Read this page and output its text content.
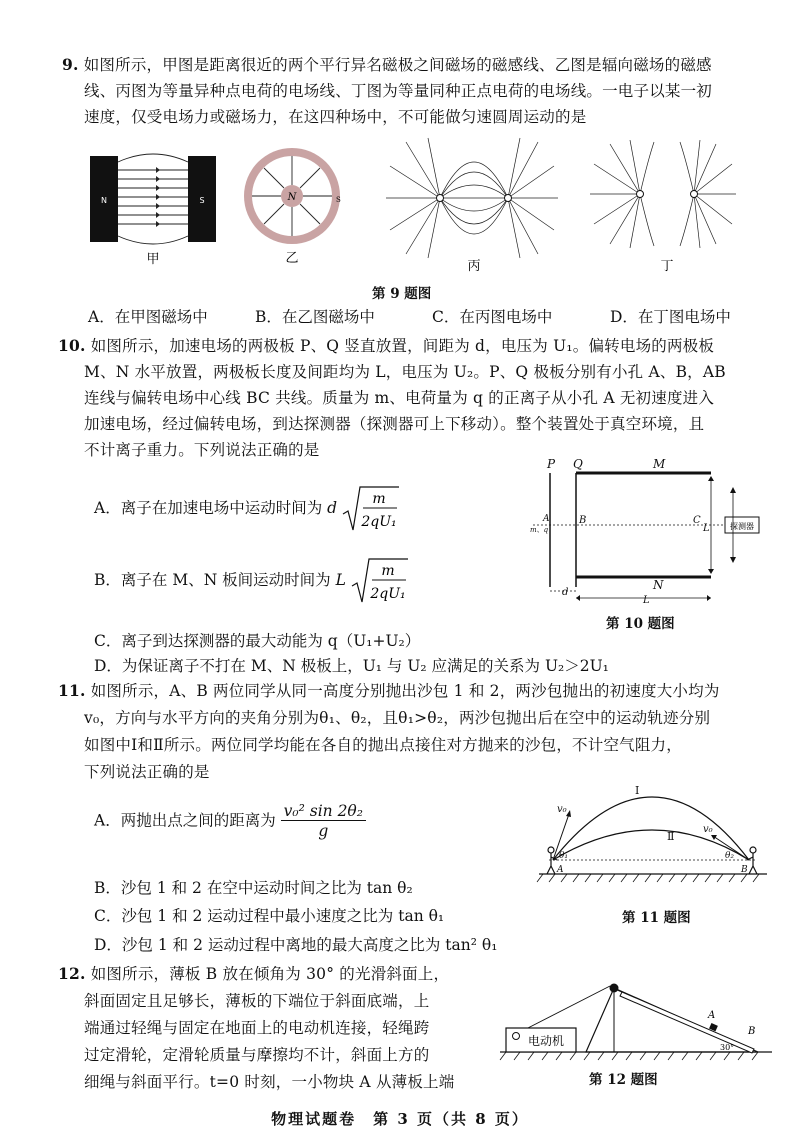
9. 如图所示，甲图是距离很近的两个平行异名磁极之间磁场的磁感线、乙图是辐向磁场的磁感
线、丙图为等量异种点电荷的电场线、丁图为等量同种正点电荷的电场线。一电子以某一初
速度，仅受电场力或磁场力，在这四种场中，不可能做匀速圆周运动的是
N	S
甲
N	S
乙
丙	丁
第 9 题图
A．在甲图磁场中	B．在乙图磁场中	C．在丙图电场中	D．在丁图电场中
10. 如图所示，加速电场的两极板 P、Q 竖直放置，间距为 d，电压为 U₁。偏转电场的两极板
M、N 水平放置，两极板长度及间距均为 L，电压为 U₂。P、Q 极板分别有小孔 A、B，AB
连线与偏转电场中心线 BC 共线。质量为 m、电荷量为 q 的正离子从小孔 A 无初速度进入
加速电场，经过偏转电场，到达探测器（探测器可上下移动）。整个装置处于真空环境，且
不计离子重力。下列说法正确的是
A．离子在加速电场中运动时间为 d	m
2qU₁
B．离子在 M、N 板间运动时间为 L	m
2qU₁
C．离子到达探测器的最大动能为 q（U₁+U₂）
D．为保证离子不打在 M、N 极板上，U₁ 与 U₂ 应满足的关系为 U₂＞2U₁
P Q	M
A
m、q
B	C
L
N
d
L
探测器
第 10 题图
11. 如图所示，A、B 两位同学从同一高度分别抛出沙包 1 和 2，两沙包抛出的初速度大小均为
v₀，方向与水平方向的夹角分别为θ₁、θ₂，且θ₁>θ₂，两沙包抛出后在空中的运动轨迹分别
如图中Ⅰ和Ⅱ所示。两位同学均能在各自的抛出点接住对方抛来的沙包，不计空气阻力，
下列说法正确的是
A．两抛出点之间的距离为 $\frac{\text{v₀² sin 2θ₂}}{g}$
B．沙包 1 和 2 在空中运动时间之比为 tan θ₂
C．沙包 1 和 2 运动过程中最小速度之比为 tan θ₁
D．沙包 1 和 2 运动过程中离地的最大高度之比为 tan² θ₁
Ⅰ
Ⅱ
v₀
v₀
θ₁	θ₂
A	B
第 11 题图
12. 如图所示，薄板 B 放在倾角为 30° 的光滑斜面上，
斜面固定且足够长，薄板的下端位于斜面底端，上
端通过轻绳与固定在地面上的电动机连接，轻绳跨
过定滑轮，定滑轮质量与摩擦均不计，斜面上方的
细绳与斜面平行。t=0 时刻，一小物块 A 从薄板上端
电动机
A
B
30°
第 12 题图
物理试题卷　第 3 页（共 8 页）
